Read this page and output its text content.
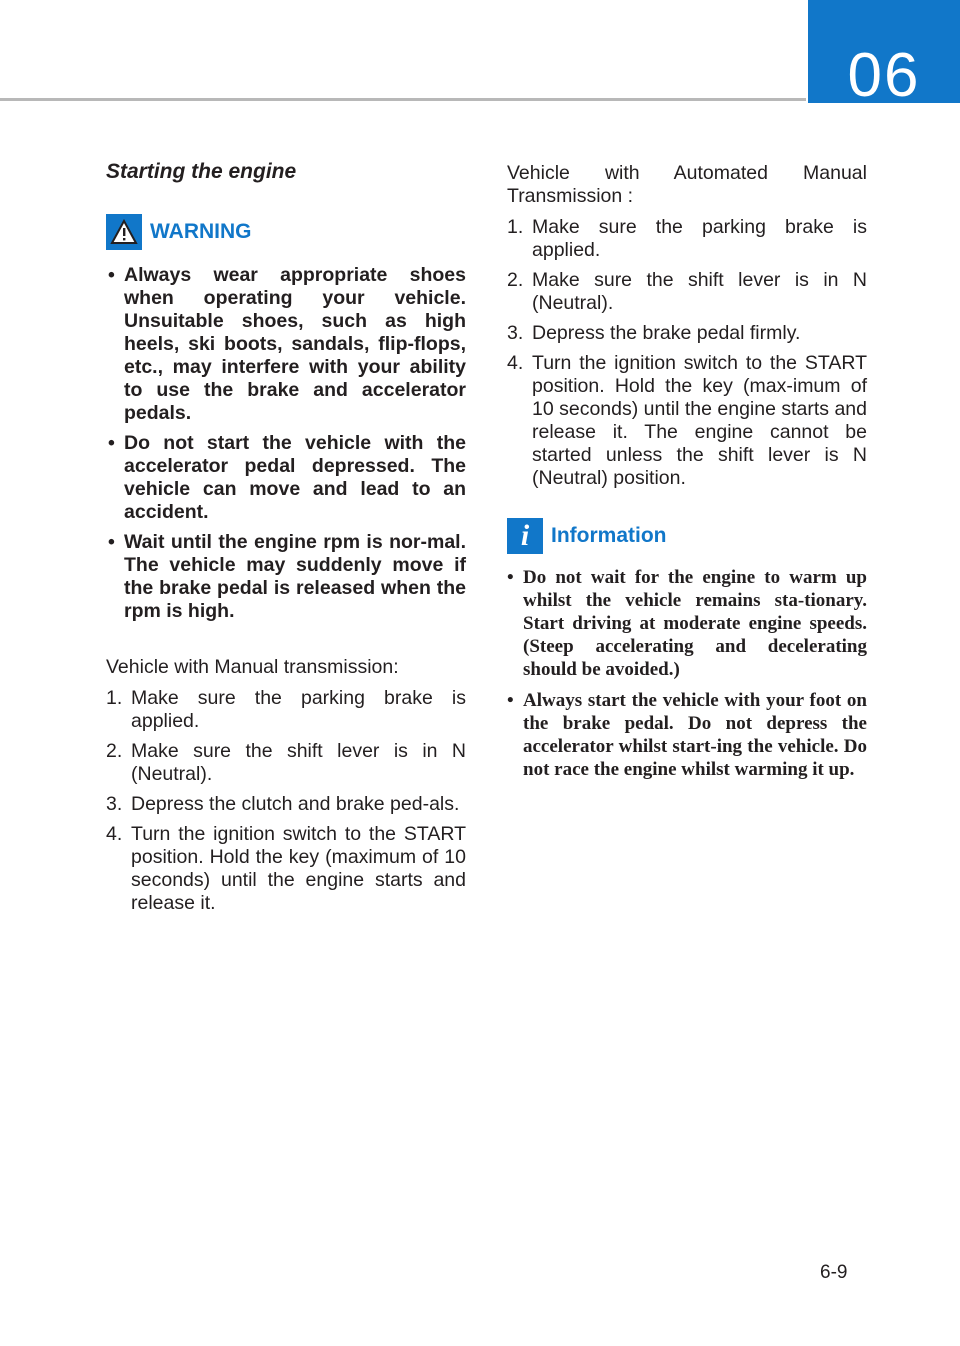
06
Starting the engine
WARNING
• Always wear appropriate shoes when operating your vehicle. Unsuitable shoes, such as high heels, ski boots, sandals, flip-flops, etc., may interfere with your ability to use the brake and accelerator pedals.
• Do not start the vehicle with the accelerator pedal depressed. The vehicle can move and lead to an accident.
• Wait until the engine rpm is nor-mal. The vehicle may suddenly move if the brake pedal is released when the rpm is high.
Vehicle with Manual transmission:
1. Make sure the parking brake is applied.
2. Make sure the shift lever is in N (Neutral).
3. Depress the clutch and brake ped-als.
4. Turn the ignition switch to the START position. Hold the key (maximum of 10 seconds) until the engine starts and release it.
Vehicle with Automated Manual Transmission :
1. Make sure the parking brake is applied.
2. Make sure the shift lever is in N (Neutral).
3. Depress the brake pedal firmly.
4. Turn the ignition switch to the START position. Hold the key (max-imum of 10 seconds) until the engine starts and release it. The engine cannot be started unless the shift lever is N (Neutral) position.
i	Information
• Do not wait for the engine to warm up whilst the vehicle remains sta-tionary. Start driving at moderate engine speeds. (Steep accelerating and decelerating should be avoided.)
• Always start the vehicle with your foot on the brake pedal. Do not depress the accelerator whilst start-ing the vehicle. Do not race the engine whilst warming it up.
6-9
